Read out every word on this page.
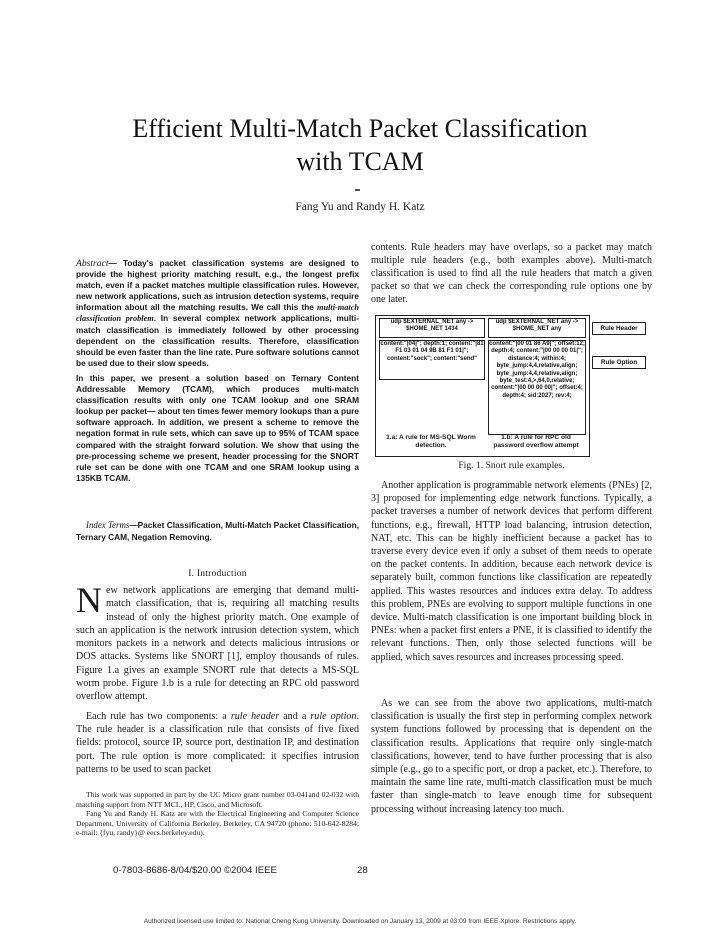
Efficient Multi-Match Packet Classification
with TCAM
Fang Yu and Randy H. Katz

Abstract— Today's packet classification systems are designed to provide the highest priority matching result, e.g., the longest prefix match, even if a packet matches multiple classification rules. However, new network applications, such as intrusion detection systems, require information about all the matching results. We call this the multi-match classification problem. In several complex network applications, multi-match classification is immediately followed by other processing dependent on the classification results. Therefore, classification should be even faster than the line rate. Pure software solutions cannot be used due to their slow speeds.

In this paper, we present a solution based on Ternary Content Addressable Memory (TCAM), which produces multi-match classification results with only one TCAM lookup and one SRAM lookup per packet— about ten times fewer memory lookups than a pure software approach. In addition, we present a scheme to remove the negation format in rule sets, which can save up to 95% of TCAM space compared with the straight forward solution. We show that using the pre-processing scheme we present, header processing for the SNORT rule set can be done with one TCAM and one SRAM lookup using a 135KB TCAM.

Index Terms—Packet Classification, Multi-Match Packet Classification, Ternary CAM, Negation Removing.

I. Introduction

New network applications are emerging that demand multi-match classification, that is, requiring all matching results instead of only the highest priority match. One example of such an application is the network intrusion detection system, which monitors packets in a network and detects malicious intrusions or DOS attacks. Systems like SNORT [1], employ thousands of rules. Figure 1.a gives an example SNORT rule that detects a MS-SQL worm probe. Figure 1.b is a rule for detecting an RPC old password overflow attempt.

Each rule has two components: a rule header and a rule option. The rule header is a classification rule that consists of five fixed fields: protocol, source IP, source port, destination IP, and destination port. The rule option is more complicated: it specifies intrusion patterns to be used to scan packet

This work was supported in part by the UC Micro grant number 03-041and 02-032 with matching support from NTT MCL, HP, Cisco, and Microsoft.

Fang Yu and Randy H. Katz are with the Electrical Engineering and Computer Science Department, University of California Berkeley, Berkeley, CA 94720 (phone: 510-642-8284; e-mail: {fyu, randy}@ eecs.berkeley.edu).

contents. Rule headers may have overlaps, so a packet may match multiple rule headers (e.g., both examples above). Multi-match classification is used to find all the rule headers that match a given packet so that we can check the corresponding rule options one by one later.
udp $EXTERNAL_NET any -> $HOME_NET 1434
udp $EXTERNAL_NET any -> $HOME_NET any	Rule Header
content:"|04|"; depth:1; content:"|81 F1 03 01 04 9B 81 F1 01|"; content:"sock"; content:"send"
content:"|00 01 86 A9|"; offset:12; depth:4; content:"|00 00 00 01|"; distance:4; within:4; byte_jump:4,4,relative,align; byte_jump:4,4,relative,align; byte_test:4,>,64,0,relative; content:"|00 00 00 00|"; offset:4; depth:4; sid:2027; rev:4;
Rule Option
1.a: A rule for MS-SQL Worm detection.
1.b: A rule for RPC old password overflow attempt
Fig. 1. Snort rule examples.

Another application is programmable network elements (PNEs) [2, 3] proposed for implementing edge network functions. Typically, a packet traverses a number of network devices that perform different functions, e.g., firewall, HTTP load balancing, intrusion detection, NAT, etc. This can be highly inefficient because a packet has to traverse every device even if only a subset of them needs to operate on the packet contents. In addition, because each network device is separately built, common functions like classification are repeatedly applied. This wastes resources and induces extra delay. To address this problem, PNEs are evolving to support multiple functions in one device. Multi-match classification is one important building block in PNEs: when a packet first enters a PNE, it is classified to identify the relevant functions. Then, only those selected functions will be applied, which saves resources and increases processing speed.

As we can see from the above two applications, multi-match classification is usually the first step in performing complex network system functions followed by processing that is dependent on the classification results. Applications that require only single-match classifications, however, tend to have further processing that is also simple (e.g., go to a specific port, or drop a packet, etc.). Therefore, to maintain the same line rate, multi-match classification must be much faster than single-match to leave enough time for subsequent processing without increasing latency too much.

0-7803-8686-8/04/$20.00 ©2004 IEEE	28
Authorized licensed use limited to: National Cheng Kung University. Downloaded on January 13, 2009 at 03:09 from IEEE Xplore. Restrictions apply.
